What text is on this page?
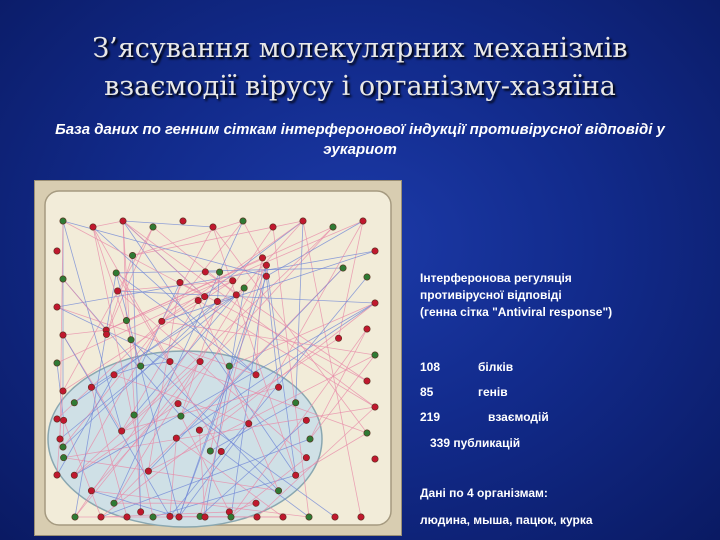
З’ясування молекулярних механізмів
взаємодії вірусу і організму-хазяїна
База даних по генним сіткам інтерферонової індукції противірусної відповіді у эукариот
Інтерферонова регуляція
противірусної відповіді
(генна сітка "Antiviral response")
108	білків
85	генів
219	взаємодій
339 публикацій
Дані по 4 організмам:
людина, мыша, пацюк, курка
